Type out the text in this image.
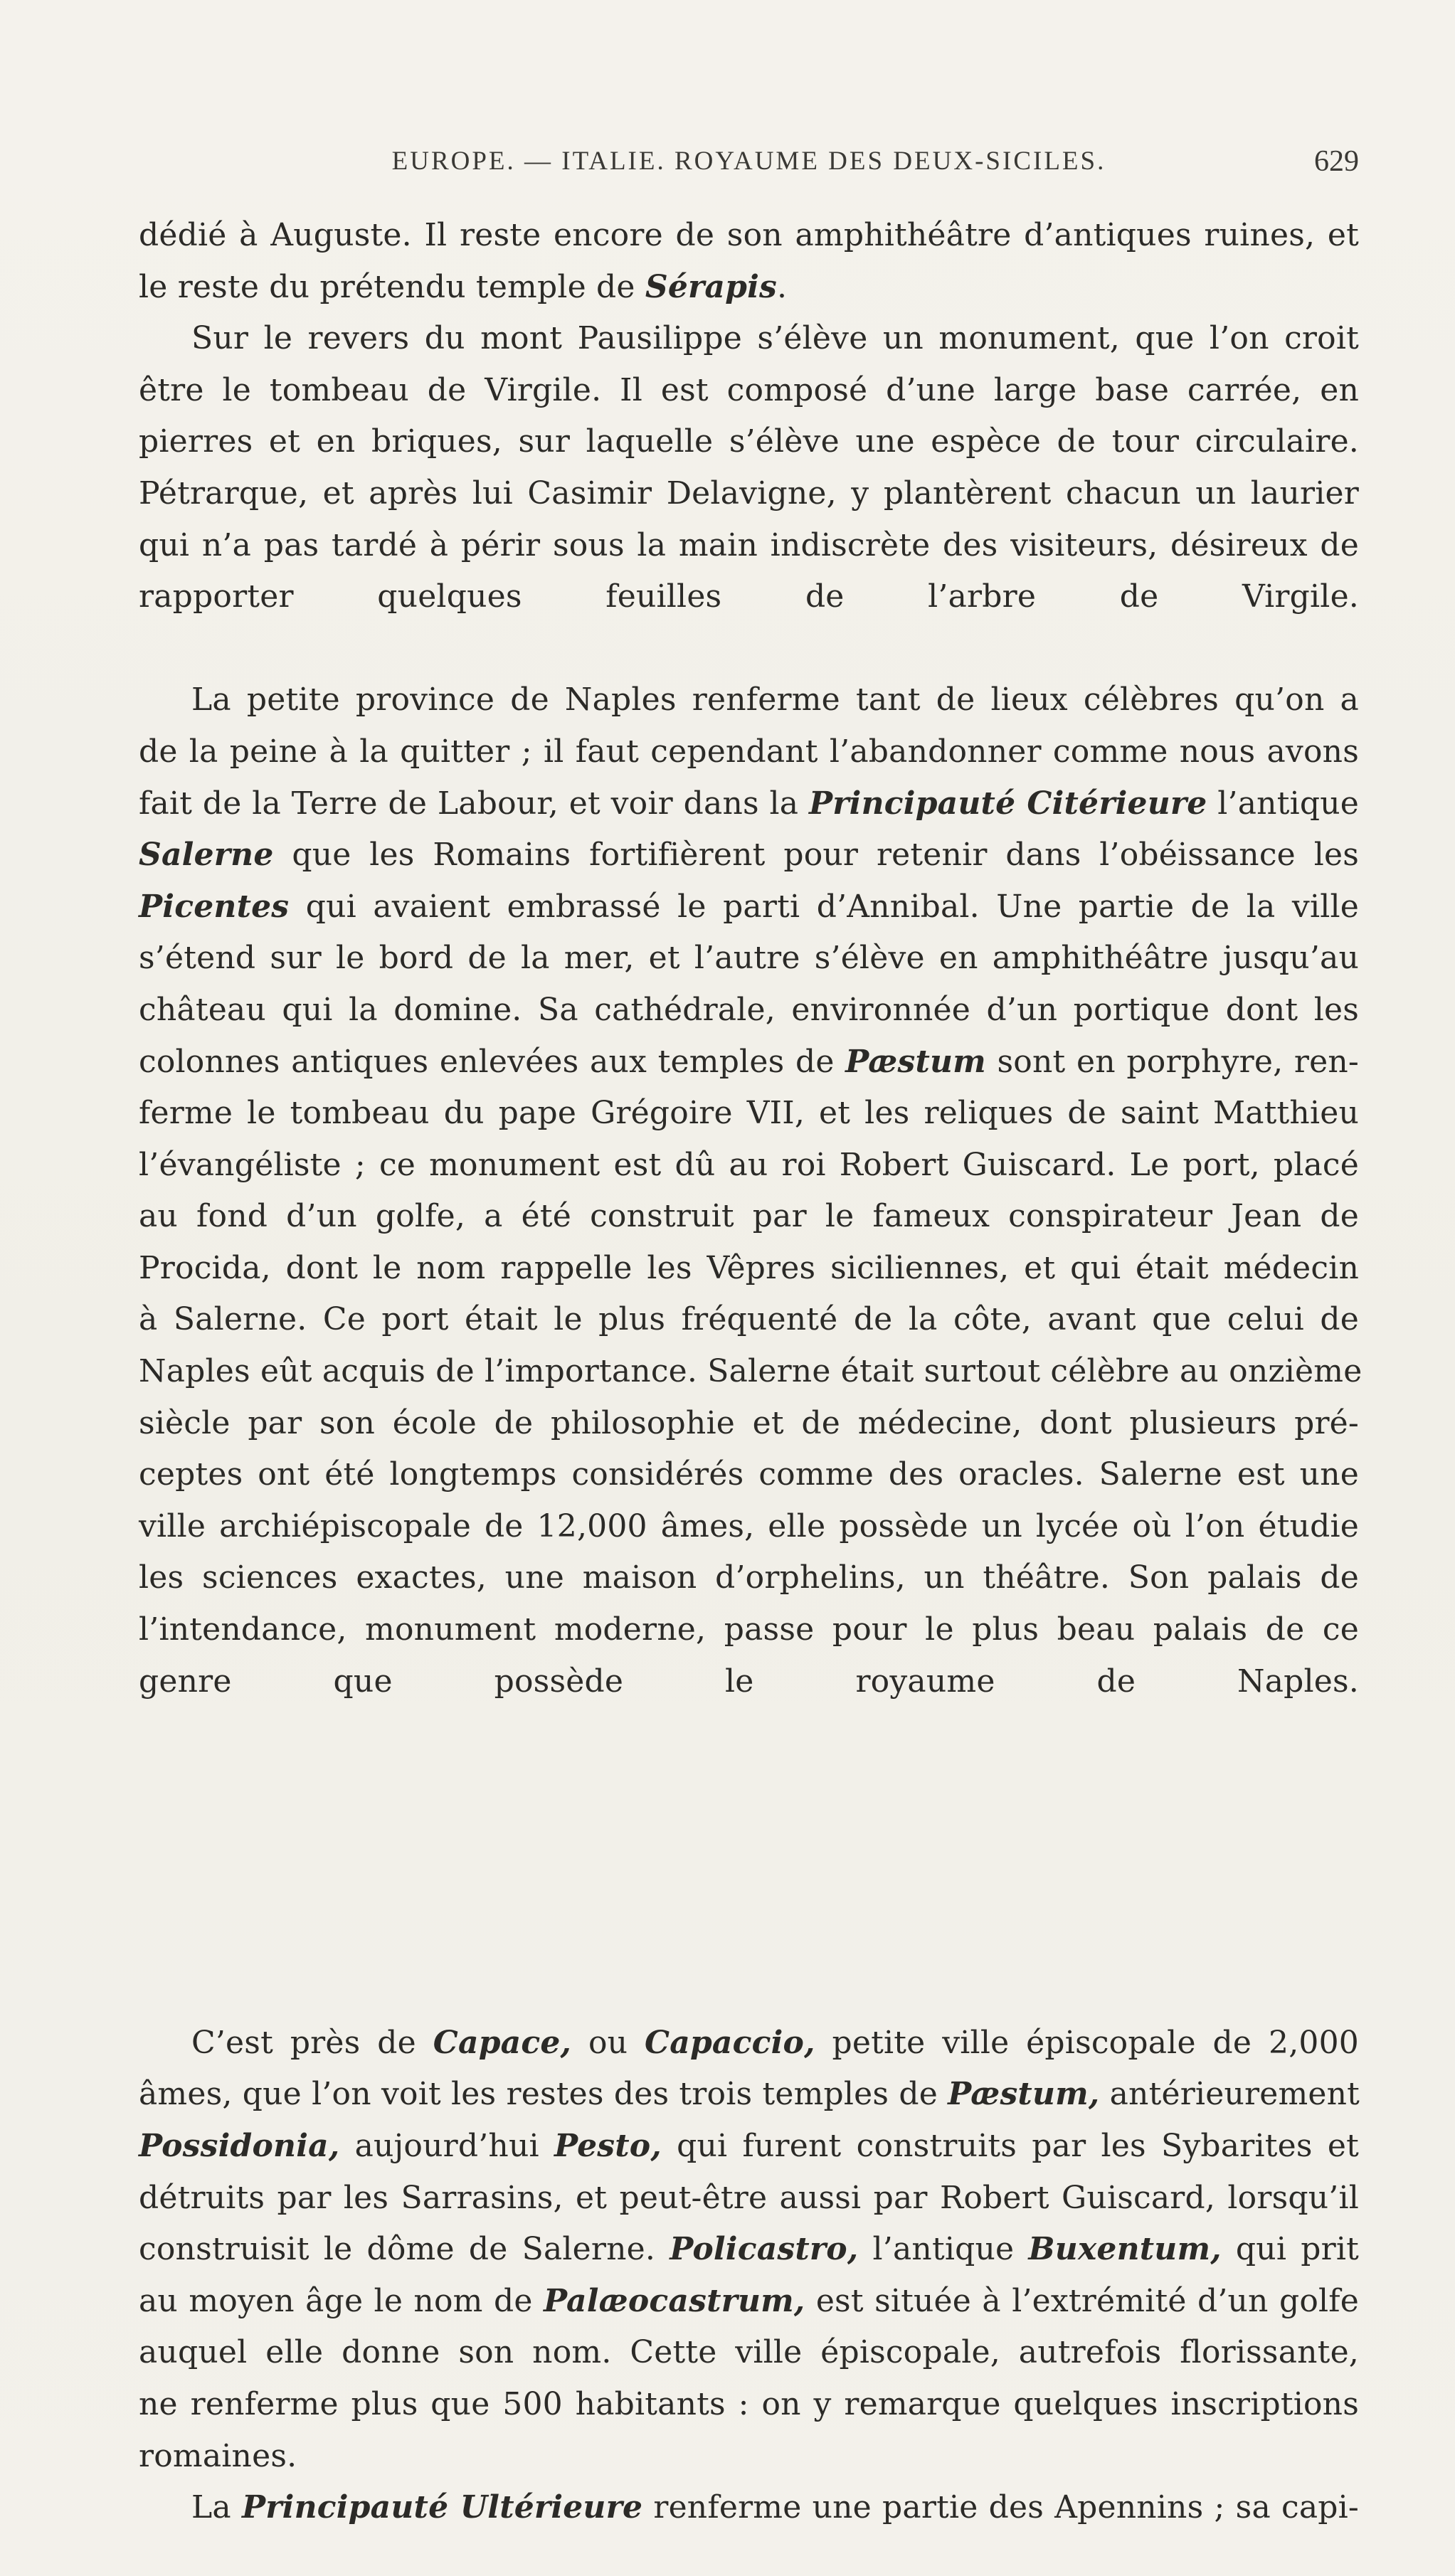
EUROPE. — ITALIE. ROYAUME DES DEUX-SICILES.	629
dédié à Auguste. Il reste encore de son amphithéâtre d’antiques ruines, et
le reste du prétendu temple de Sérapis.
Sur le revers du mont Pausilippe s’élève un monument, que l’on croit
être le tombeau de Virgile. Il est composé d’une large base carrée, en
pierres et en briques, sur laquelle s’élève une espèce de tour circulaire.
Pétrarque, et après lui Casimir Delavigne, y plantèrent chacun un laurier
qui n’a pas tardé à périr sous la main indiscrète des visiteurs, désireux de
rapporter quelques feuilles de l’arbre de Virgile.
La petite province de Naples renferme tant de lieux célèbres qu’on a
de la peine à la quitter ; il faut cependant l’abandonner comme nous avons
fait de la Terre de Labour, et voir dans la Principauté Citérieure l’antique
Salerne que les Romains fortifièrent pour retenir dans l’obéissance les
Picentes qui avaient embrassé le parti d’Annibal. Une partie de la ville
s’étend sur le bord de la mer, et l’autre s’élève en amphithéâtre jusqu’au
château qui la domine. Sa cathédrale, environnée d’un portique dont les
colonnes antiques enlevées aux temples de Pæstum sont en porphyre, ren-
ferme le tombeau du pape Grégoire VII, et les reliques de saint Matthieu
l’évangéliste ; ce monument est dû au roi Robert Guiscard. Le port, placé
au fond d’un golfe, a été construit par le fameux conspirateur Jean de
Procida, dont le nom rappelle les Vêpres siciliennes, et qui était médecin
à Salerne. Ce port était le plus fréquenté de la côte, avant que celui de
Naples eût acquis de l’importance. Salerne était surtout célèbre au onzième
siècle par son école de philosophie et de médecine, dont plusieurs pré-
ceptes ont été longtemps considérés comme des oracles. Salerne est une
ville archiépiscopale de 12,000 âmes, elle possède un lycée où l’on étudie
les sciences exactes, une maison d’orphelins, un théâtre. Son palais de
l’intendance, monument moderne, passe pour le plus beau palais de ce
genre que possède le royaume de Naples.
C’est près de Capace, ou Capaccio, petite ville épiscopale de 2,000
âmes, que l’on voit les restes des trois temples de Pæstum, antérieurement
Possidonia, aujourd’hui Pesto, qui furent construits par les Sybarites et
détruits par les Sarrasins, et peut-être aussi par Robert Guiscard, lorsqu’il
construisit le dôme de Salerne. Policastro, l’antique Buxentum, qui prit
au moyen âge le nom de Palæocastrum, est située à l’extrémité d’un golfe
auquel elle donne son nom. Cette ville épiscopale, autrefois florissante,
ne renferme plus que 500 habitants : on y remarque quelques inscriptions
romaines.
La Principauté Ultérieure renferme une partie des Apennins ; sa capi-
